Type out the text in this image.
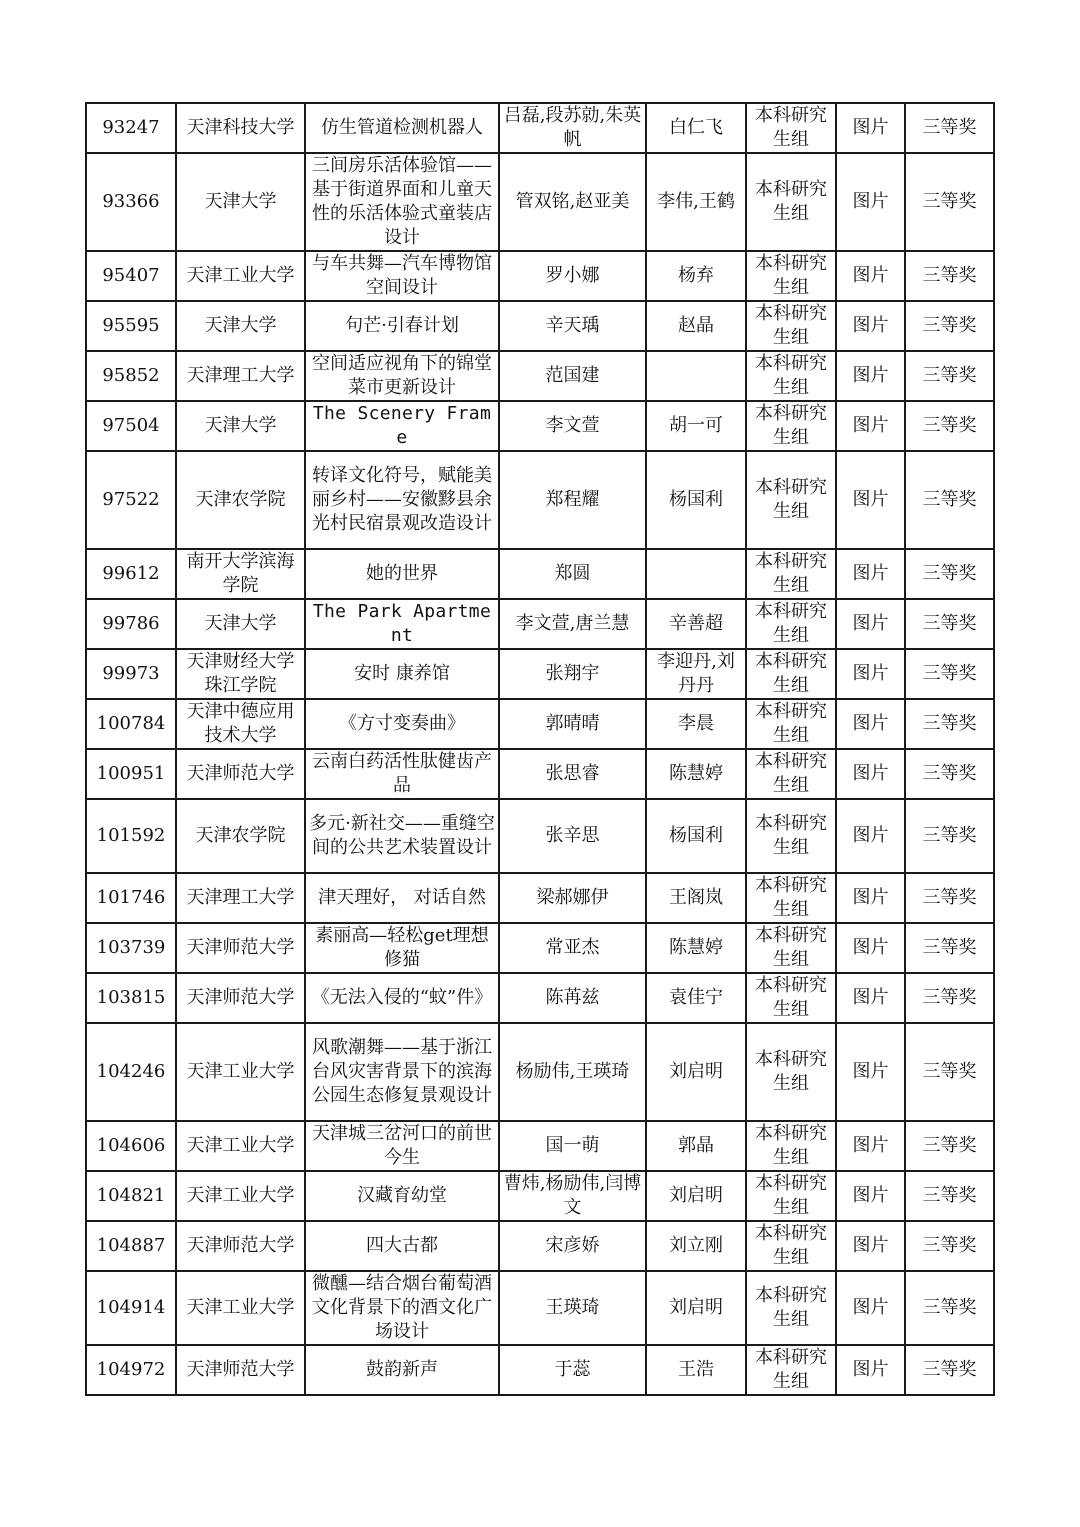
93247	天津科技大学	仿生管道检测机器人	吕磊,段苏勍,朱英帆	白仁飞	本科研究生组	图片	三等奖
93366	天津大学	三间房乐活体验馆——基于街道界面和儿童天性的乐活体验式童装店设计	管双铭,赵亚美	李伟,王鹤	本科研究生组	图片	三等奖
95407	天津工业大学	与车共舞—汽车博物馆空间设计	罗小娜	杨弃	本科研究生组	图片	三等奖
95595	天津大学	句芒·引春计划	辛天瑀	赵晶	本科研究生组	图片	三等奖
95852	天津理工大学	空间适应视角下的锦堂菜市更新设计	范国建		本科研究生组	图片	三等奖
97504	天津大学	The Scenery Frame	李文萱	胡一可	本科研究生组	图片	三等奖
97522	天津农学院	转译文化符号，赋能美丽乡村——安徽黟县余光村民宿景观改造设计	郑程耀	杨国利	本科研究生组	图片	三等奖
99612	南开大学滨海学院	她的世界	郑圆		本科研究生组	图片	三等奖
99786	天津大学	The Park Apartment	李文萱,唐兰慧	辛善超	本科研究生组	图片	三等奖
99973	天津财经大学珠江学院	安时 康养馆	张翔宇	李迎丹,刘丹丹	本科研究生组	图片	三等奖
100784	天津中德应用技术大学	《方寸变奏曲》	郭晴晴	李晨	本科研究生组	图片	三等奖
100951	天津师范大学	云南白药活性肽健齿产品	张思睿	陈慧婷	本科研究生组	图片	三等奖
101592	天津农学院	多元·新社交——重缝空间的公共艺术装置设计	张辛思	杨国利	本科研究生组	图片	三等奖
101746	天津理工大学	津天理好， 对话自然	梁郝娜伊	王阁岚	本科研究生组	图片	三等奖
103739	天津师范大学	素丽高—轻松get理想修猫	常亚杰	陈慧婷	本科研究生组	图片	三等奖
103815	天津师范大学	《无法入侵的“蚊”件》	陈苒兹	袁佳宁	本科研究生组	图片	三等奖
104246	天津工业大学	风歌潮舞——基于浙江台风灾害背景下的滨海公园生态修复景观设计	杨励伟,王瑛琦	刘启明	本科研究生组	图片	三等奖
104606	天津工业大学	天津城三岔河口的前世今生	国一萌	郭晶	本科研究生组	图片	三等奖
104821	天津工业大学	汉藏育幼堂	曹炜,杨励伟,闫博文	刘启明	本科研究生组	图片	三等奖
104887	天津师范大学	四大古都	宋彦娇	刘立刚	本科研究生组	图片	三等奖
104914	天津工业大学	微醺—结合烟台葡萄酒文化背景下的酒文化广场设计	王瑛琦	刘启明	本科研究生组	图片	三等奖
104972	天津师范大学	鼓韵新声	于蕊	王浩	本科研究生组	图片	三等奖
